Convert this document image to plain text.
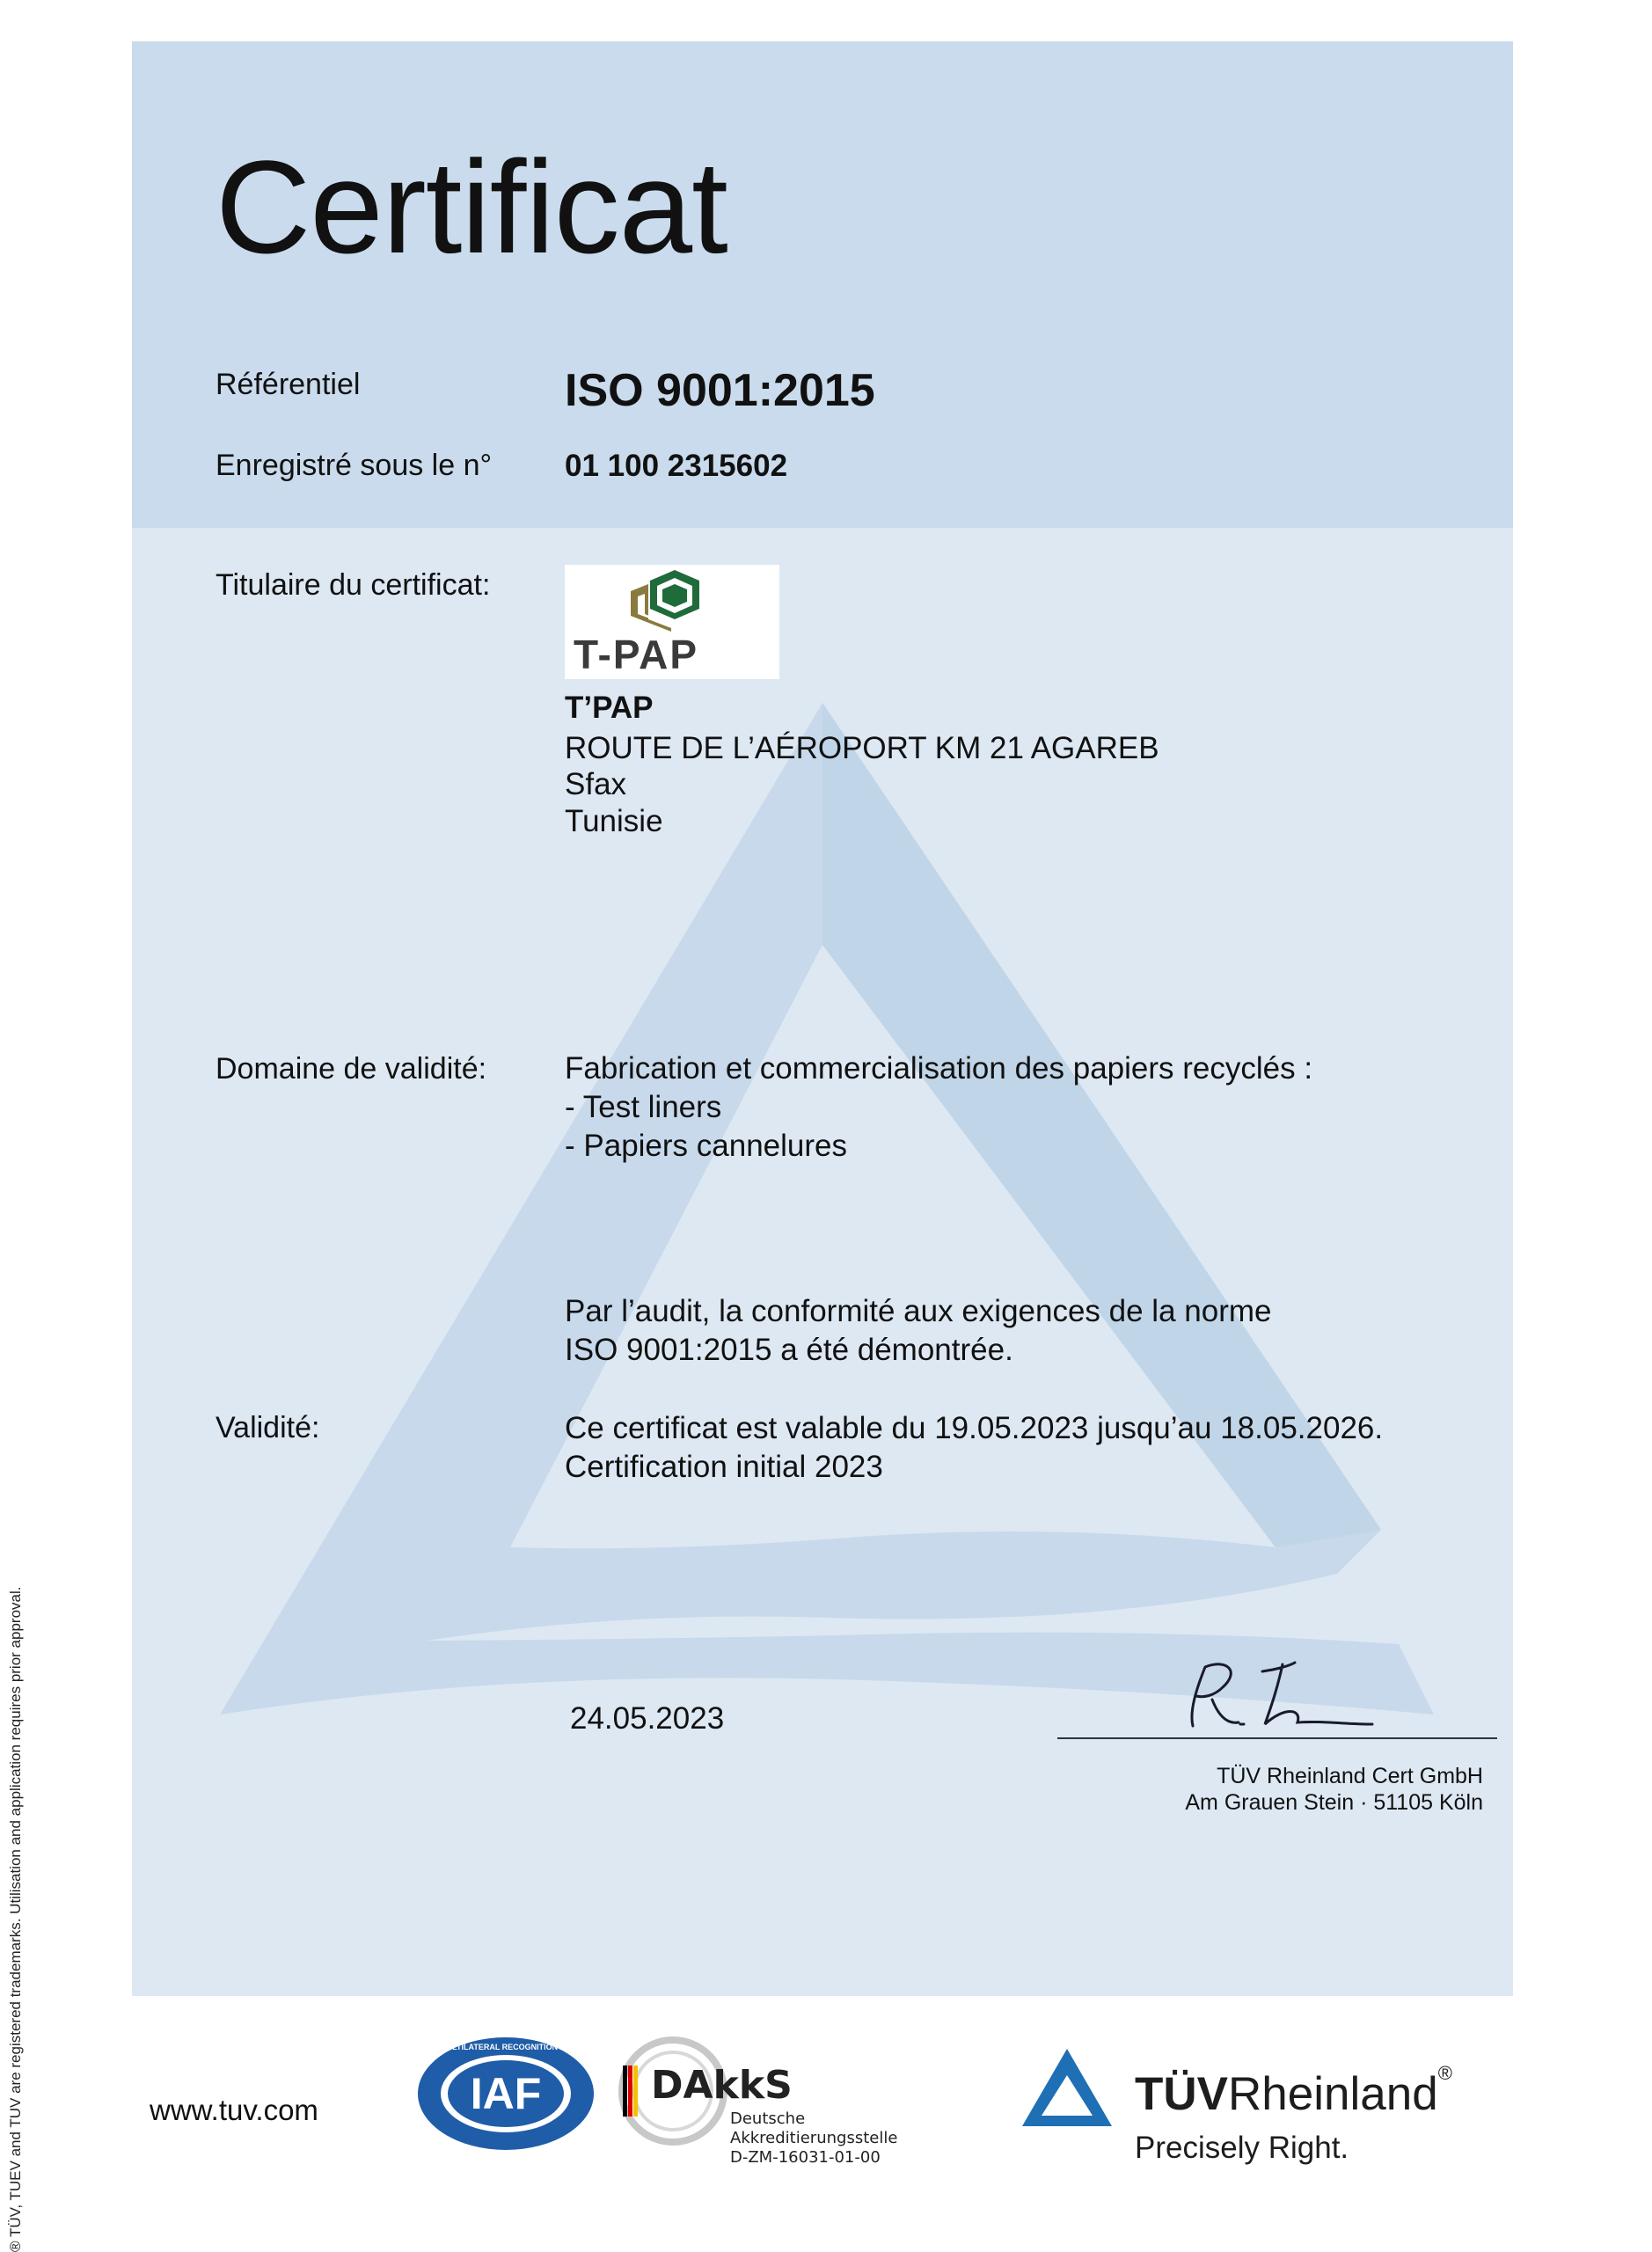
® TÜV, TUEV and TUV are registered trademarks. Utilisation and application requires prior approval.
Certificat
Référentiel	ISO 9001:2015
Enregistré sous le n° 01 100 2315602
Titulaire du certificat:
T-PAP
T’PAP
ROUTE DE L’AÉROPORT KM 21 AGAREB
Sfax
Tunisie
Domaine de validité:	Fabrication et commercialisation des papiers recyclés :
- Test liners
- Papiers cannelures
Par l’audit, la conformité aux exigences de la norme
ISO 9001:2015 a été démontrée.
Validité:	Ce certificat est valable du 19.05.2023 jusqu’au 18.05.2026.
Certification initial 2023
24.05.2023
TÜV Rheinland Cert GmbH
Am Grauen Stein · 51105 Köln
www.tuv.com	IAF
MEMBER OF MULTILATERAL RECOGNITION ARRANGEMENT
DAkkS
Deutsche
Akkreditierungsstelle
D-ZM-16031-01-00
TÜVRheinland®
Precisely Right.
